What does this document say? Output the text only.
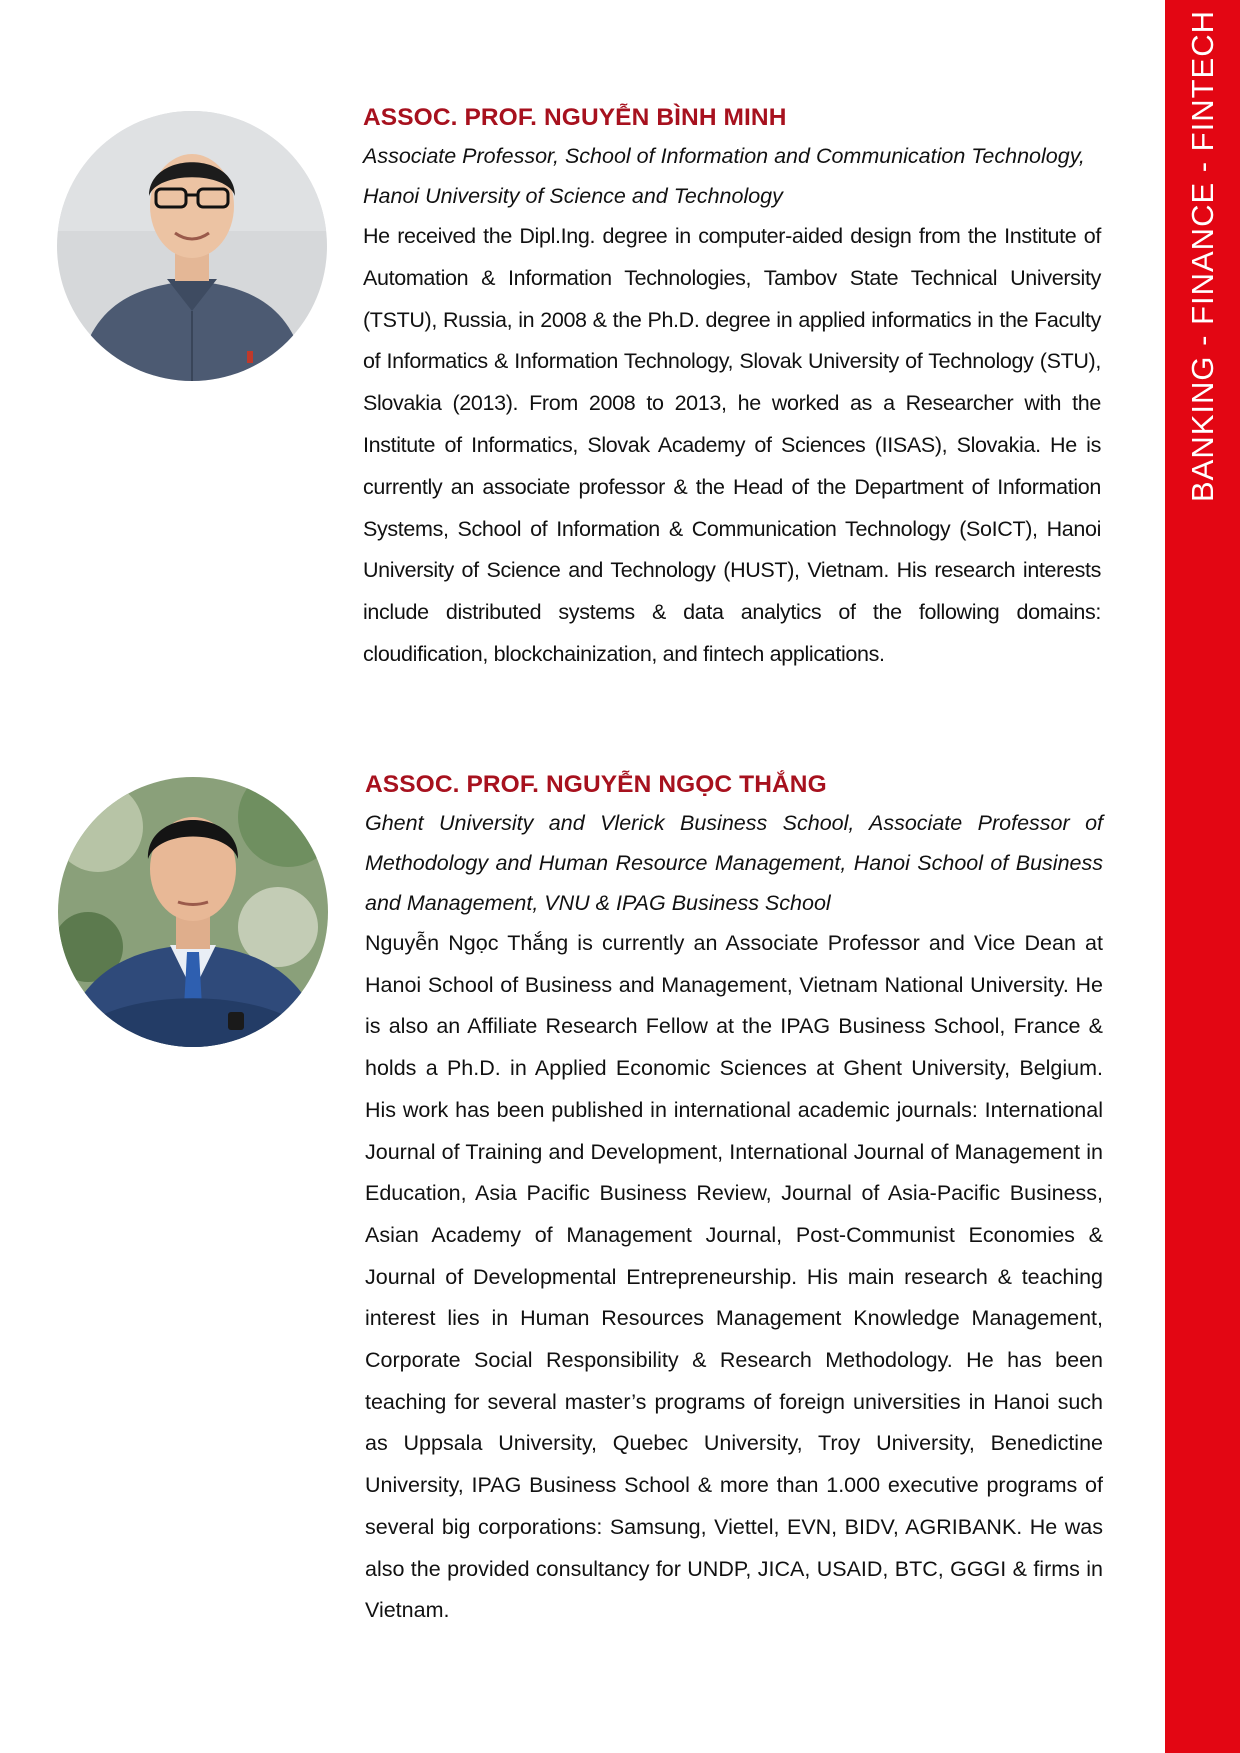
BANKING - FINANCE - FINTECH
ASSOC. PROF. NGUYỄN BÌNH MINH

Associate Professor, School of Information and Communication Technology, Hanoi University of Science and Technology

He received the Dipl.Ing. degree in computer-aided design from the Institute of Automation & Information Technologies, Tambov State Technical University (TSTU), Russia, in 2008 & the Ph.D. degree in applied informatics in the Faculty of Informatics & Information Technology, Slovak University of Technology (STU), Slovakia (2013). From 2008 to 2013, he worked as a Researcher with the Institute of Informatics, Slovak Academy of Sciences (IISAS), Slovakia. He is currently an associate professor & the Head of the Department of Information Systems, School of Information & Communication Technology (SoICT), Hanoi University of Science and Technology (HUST), Vietnam. His research interests include distributed systems & data analytics of the following domains: cloudification, blockchainization, and fintech applications.

ASSOC. PROF. NGUYỄN NGỌC THẮNG

Ghent University and Vlerick Business School, Associate Professor of Methodology and Human Resource Management, Hanoi School of Business and Management, VNU & IPAG Business School

Nguyễn Ngọc Thắng is currently an Associate Professor and Vice Dean at Hanoi School of Business and Management, Vietnam National University. He is also an Affiliate Research Fellow at the IPAG Business School, France & holds a Ph.D. in Applied Economic Sciences at Ghent University, Belgium. His work has been published in international academic journals: International Journal of Training and Development, International Journal of Management in Education, Asia Pacific Business Review, Journal of Asia-Pacific Business, Asian Academy of Management Journal, Post-Communist Economies & Journal of Developmental Entrepreneurship. His main research & teaching interest lies in Human Resources Management Knowledge Management, Corporate Social Responsibility & Research Methodology. He has been teaching for several master’s programs of foreign universities in Hanoi such as Uppsala University, Quebec University, Troy University, Benedictine University, IPAG Business School & more than 1.000 executive programs of several big corporations: Samsung, Viettel, EVN, BIDV, AGRIBANK. He was also the provided consultancy for UNDP, JICA, USAID, BTC, GGGI & firms in Vietnam.
